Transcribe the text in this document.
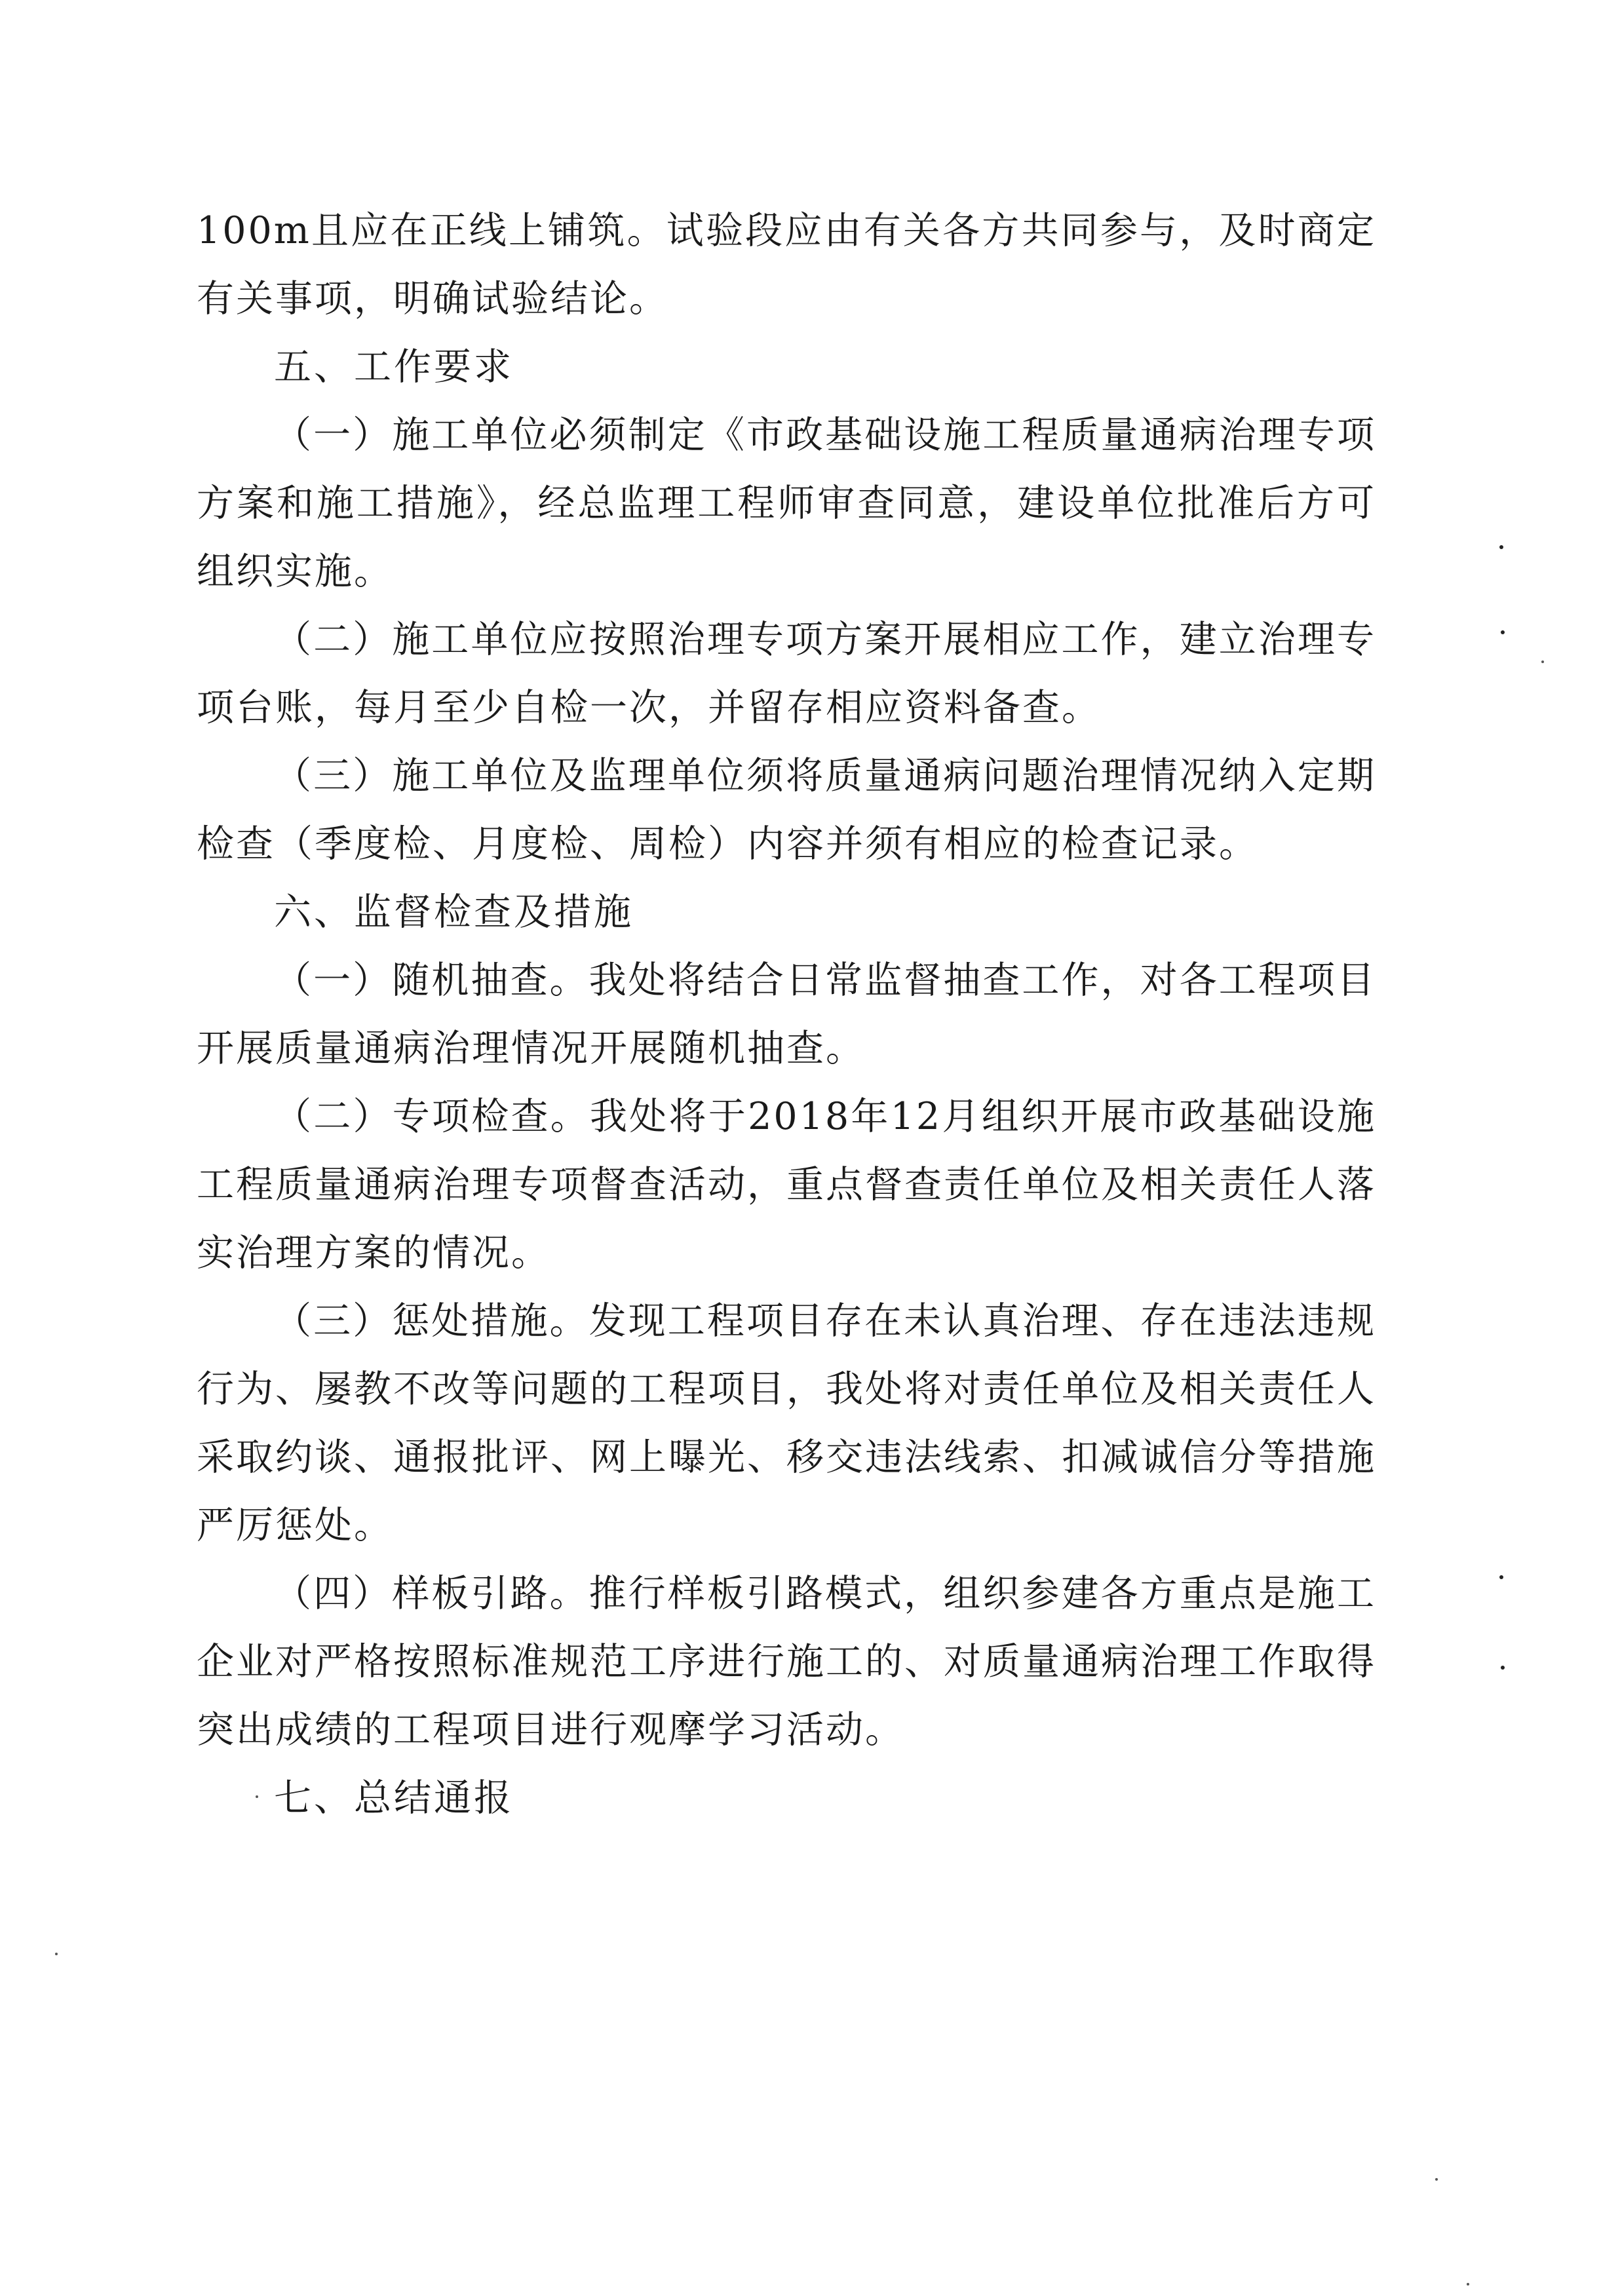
100m且应在正线上铺筑。试验段应由有关各方共同参与，及时商定有关事项，明确试验结论。

五、工作要求

（一）施工单位必须制定《市政基础设施工程质量通病治理专项方案和施工措施》，经总监理工程师审查同意，建设单位批准后方可组织实施。

（二）施工单位应按照治理专项方案开展相应工作，建立治理专项台账，每月至少自检一次，并留存相应资料备查。

（三）施工单位及监理单位须将质量通病问题治理情况纳入定期检查（季度检、月度检、周检）内容并须有相应的检查记录。

六、监督检查及措施

（一）随机抽查。我处将结合日常监督抽查工作，对各工程项目开展质量通病治理情况开展随机抽查。

（二）专项检查。我处将于2018年12月组织开展市政基础设施工程质量通病治理专项督查活动，重点督查责任单位及相关责任人落实治理方案的情况。

（三）惩处措施。发现工程项目存在未认真治理、存在违法违规行为、屡教不改等问题的工程项目，我处将对责任单位及相关责任人采取约谈、通报批评、网上曝光、移交违法线索、扣减诚信分等措施严厉惩处。

（四）样板引路。推行样板引路模式，组织参建各方重点是施工企业对严格按照标准规范工序进行施工的、对质量通病治理工作取得突出成绩的工程项目进行观摩学习活动。

七、总结通报
